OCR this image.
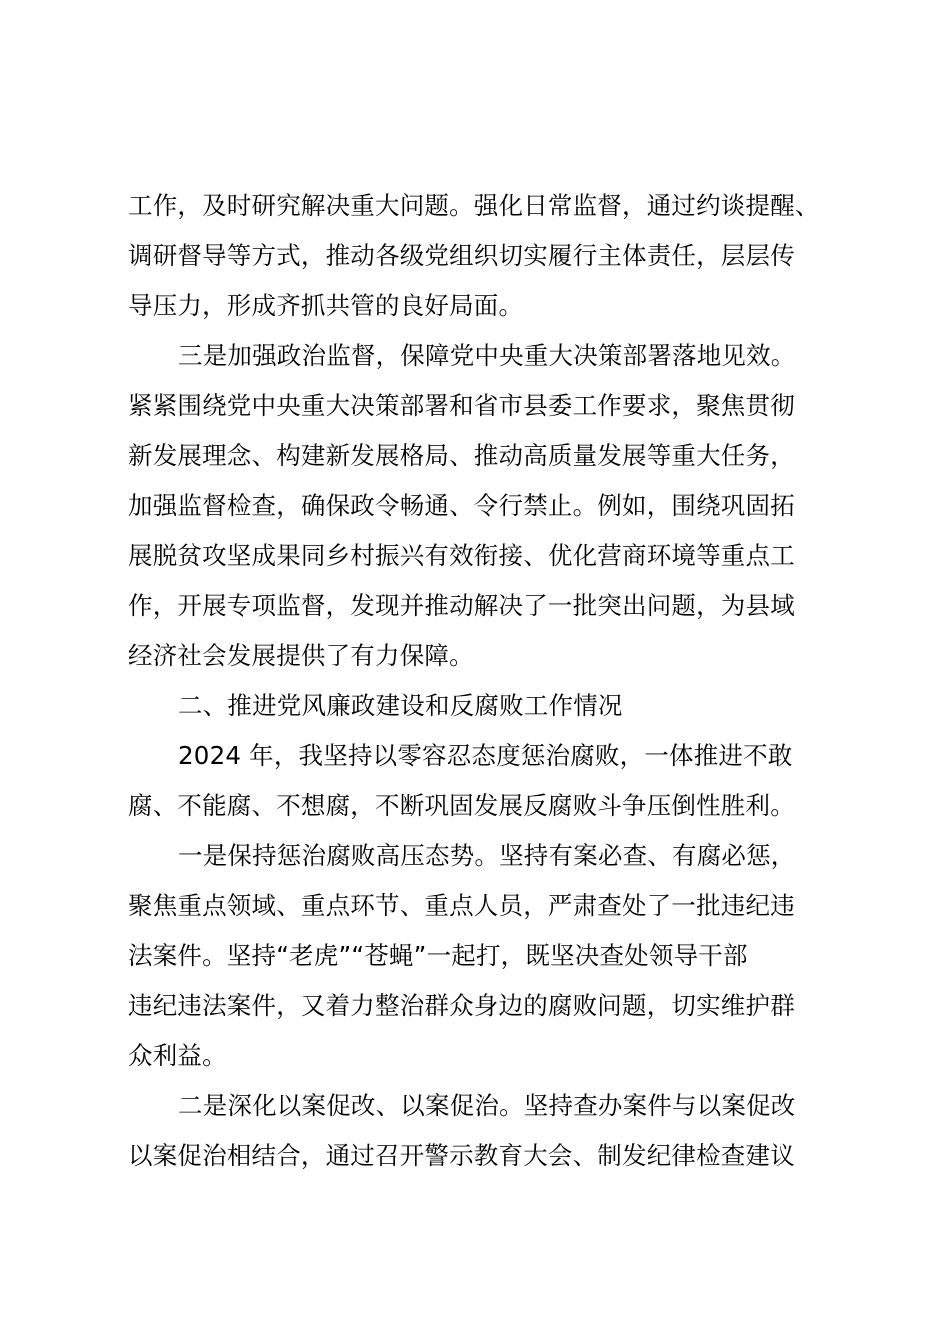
工作，及时研究解决重大问题。强化日常监督，通过约谈提醒、
调研督导等方式，推动各级党组织切实履行主体责任，层层传
导压力，形成齐抓共管的良好局面。
三是加强政治监督，保障党中央重大决策部署落地见效。
紧紧围绕党中央重大决策部署和省市县委工作要求，聚焦贯彻
新发展理念、构建新发展格局、推动高质量发展等重大任务，
加强监督检查，确保政令畅通、令行禁止。例如，围绕巩固拓
展脱贫攻坚成果同乡村振兴有效衔接、优化营商环境等重点工
作，开展专项监督，发现并推动解决了一批突出问题，为县域
经济社会发展提供了有力保障。
二、推进党风廉政建设和反腐败工作情况
2024 年，我坚持以零容忍态度惩治腐败，一体推进不敢
腐、不能腐、不想腐，不断巩固发展反腐败斗争压倒性胜利。
一是保持惩治腐败高压态势。坚持有案必查、有腐必惩，
聚焦重点领域、重点环节、重点人员，严肃查处了一批违纪违
法案件。坚持“老虎”“苍蝇”一起打，既坚决查处领导干部
违纪违法案件，又着力整治群众身边的腐败问题，切实维护群
众利益。
二是深化以案促改、以案促治。坚持查办案件与以案促改
以案促治相结合，通过召开警示教育大会、制发纪律检查建议
